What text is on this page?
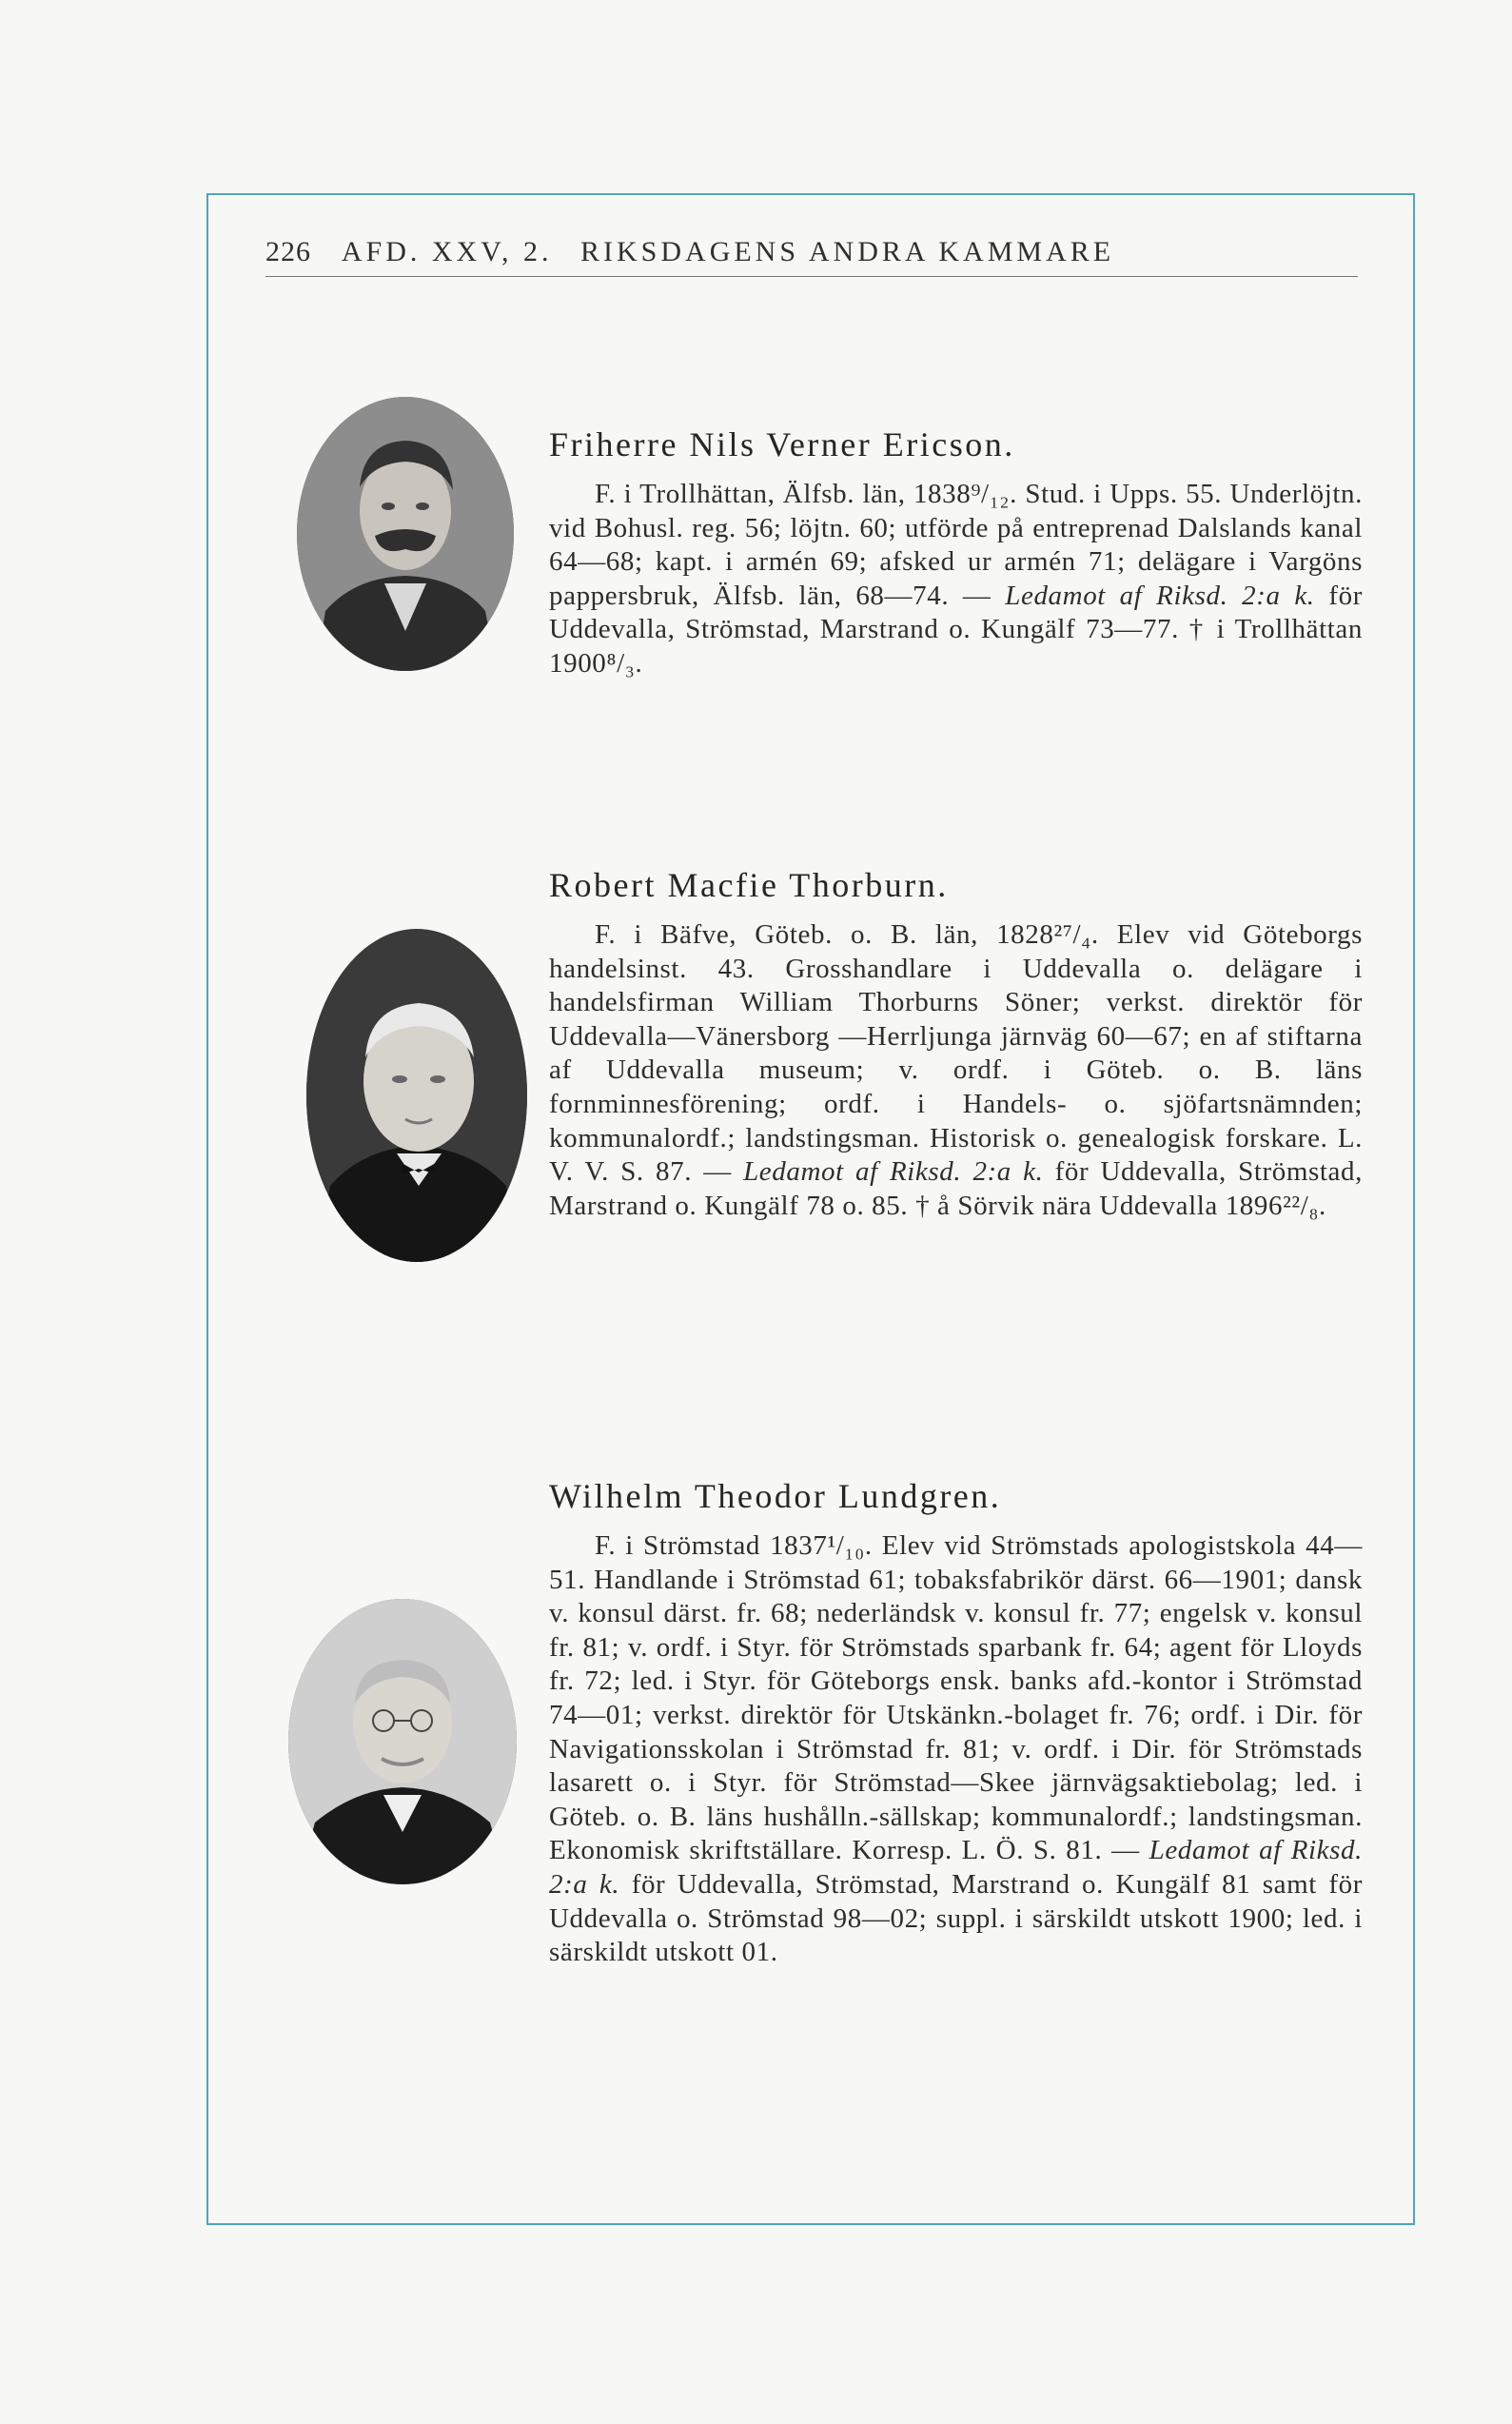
226 AFD. XXV, 2. RIKSDAGENS ANDRA KAMMARE
Friherre Nils Verner Ericson.

F. i Trollhättan, Älfsb. län, 1838⁹/₁₂. Stud. i Upps. 55. Underlöjtn. vid Bohusl. reg. 56; löjtn. 60; utförde på entreprenad Dalslands kanal 64—68; kapt. i armén 69; afsked ur armén 71; delägare i Vargöns pappersbruk, Älfsb. län, 68—74. — Ledamot af Riksd. 2:a k. för Uddevalla, Strömstad, Marstrand o. Kungälf 73—77. † i Trollhättan 1900⁸/₃.

Robert Macfie Thorburn.

F. i Bäfve, Göteb. o. B. län, 1828²⁷/₄. Elev vid Göteborgs handelsinst. 43. Grosshandlare i Uddevalla o. delägare i handelsfirman William Thorburns Söner; verkst. direktör för Uddevalla—Vänersborg —Herrljunga järnväg 60—67; en af stiftarna af Uddevalla museum; v. ordf. i Göteb. o. B. läns fornminnesförening; ordf. i Handels- o. sjöfartsnämnden; kommunalordf.; landstingsman. Historisk o. genealogisk forskare. L. V. V. S. 87. — Ledamot af Riksd. 2:a k. för Uddevalla, Strömstad, Marstrand o. Kungälf 78 o. 85. † å Sörvik nära Uddevalla 1896²²/₈.

Wilhelm Theodor Lundgren.

F. i Strömstad 1837¹/₁₀. Elev vid Strömstads apologistskola 44—51. Handlande i Strömstad 61; tobaksfabrikör därst. 66—1901; dansk v. konsul därst. fr. 68; nederländsk v. konsul fr. 77; engelsk v. konsul fr. 81; v. ordf. i Styr. för Strömstads sparbank fr. 64; agent för Lloyds fr. 72; led. i Styr. för Göteborgs ensk. banks afd.-kontor i Strömstad 74—01; verkst. direktör för Utskänkn.-bolaget fr. 76; ordf. i Dir. för Navigationsskolan i Strömstad fr. 81; v. ordf. i Dir. för Strömstads lasarett o. i Styr. för Strömstad—Skee järnvägsaktiebolag; led. i Göteb. o. B. läns hushålln.-sällskap; kommunalordf.; landstingsman. Ekonomisk skriftställare. Korresp. L. Ö. S. 81. — Ledamot af Riksd. 2:a k. för Uddevalla, Strömstad, Marstrand o. Kungälf 81 samt för Uddevalla o. Strömstad 98—02; suppl. i särskildt utskott 1900; led. i särskildt utskott 01.
